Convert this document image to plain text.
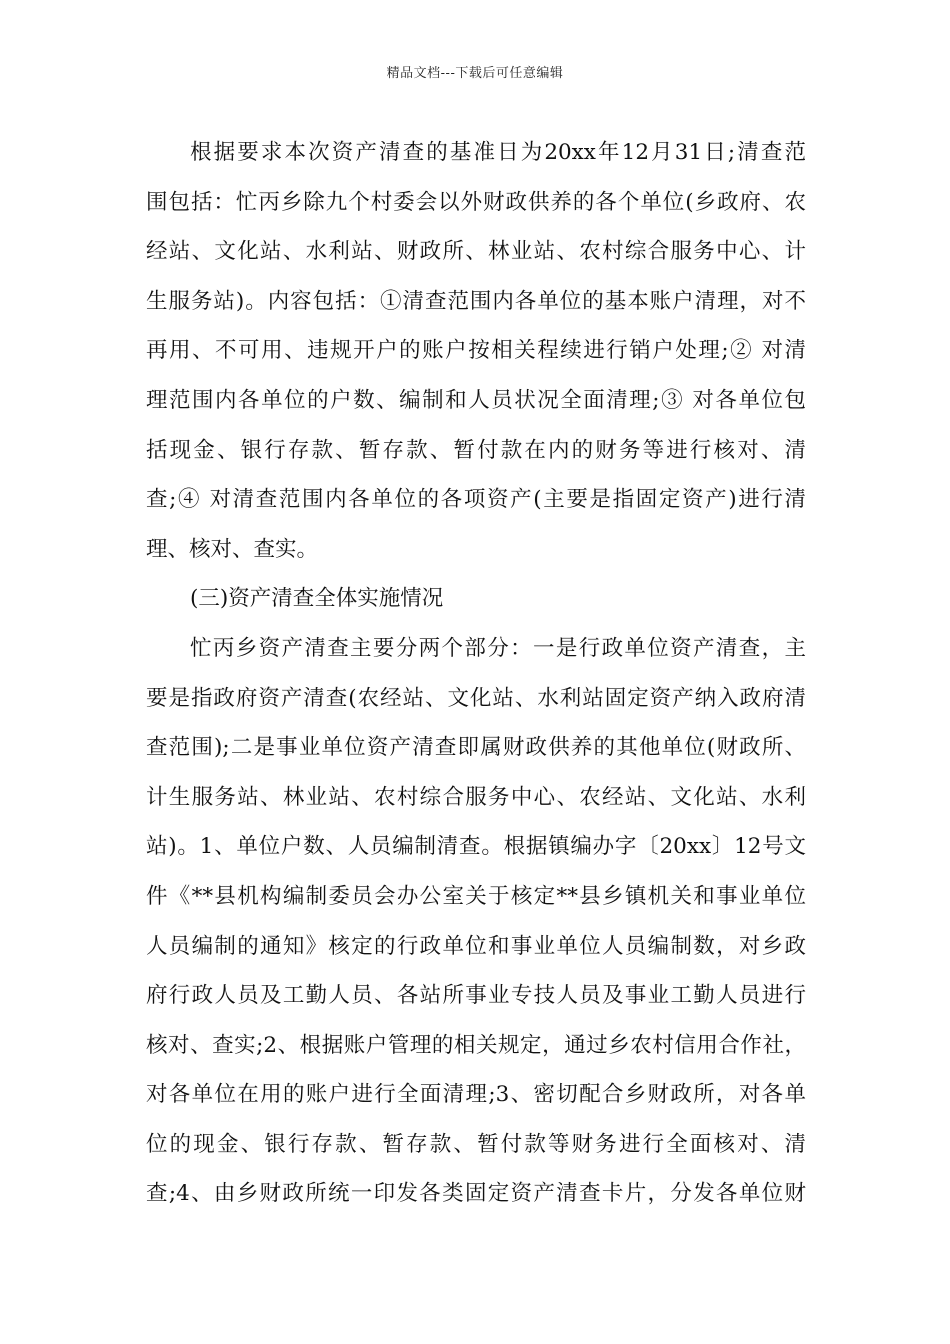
精品文档---下载后可任意编辑
根据要求本次资产清查的基准日为20xx年12月31日;清查范
围包括：忙丙乡除九个村委会以外财政供养的各个单位(乡政府、农
经站、文化站、水利站、财政所、林业站、农村综合服务中心、计
生服务站)。内容包括：①清查范围内各单位的基本账户清理，对不
再用、不可用、违规开户的账户按相关程续进行销户处理;② 对清
理范围内各单位的户数、编制和人员状况全面清理;③ 对各单位包
括现金、银行存款、暂存款、暂付款在内的财务等进行核对、清
查;④ 对清查范围内各单位的各项资产(主要是指固定资产)进行清
理、核对、查实。
(三)资产清查全体实施情况
忙丙乡资产清查主要分两个部分：一是行政单位资产清查，主
要是指政府资产清查(农经站、文化站、水利站固定资产纳入政府清
查范围);二是事业单位资产清查即属财政供养的其他单位(财政所、
计生服务站、林业站、农村综合服务中心、农经站、文化站、水利
站)。1、单位户数、人员编制清查。根据镇编办字〔20xx〕12号文
件《**县机构编制委员会办公室关于核定**县乡镇机关和事业单位
人员编制的通知》核定的行政单位和事业单位人员编制数，对乡政
府行政人员及工勤人员、各站所事业专技人员及事业工勤人员进行
核对、查实;2、根据账户管理的相关规定，通过乡农村信用合作社，
对各单位在用的账户进行全面清理;3、密切配合乡财政所，对各单
位的现金、银行存款、暂存款、暂付款等财务进行全面核对、清
查;4、由乡财政所统一印发各类固定资产清查卡片，分发各单位财
